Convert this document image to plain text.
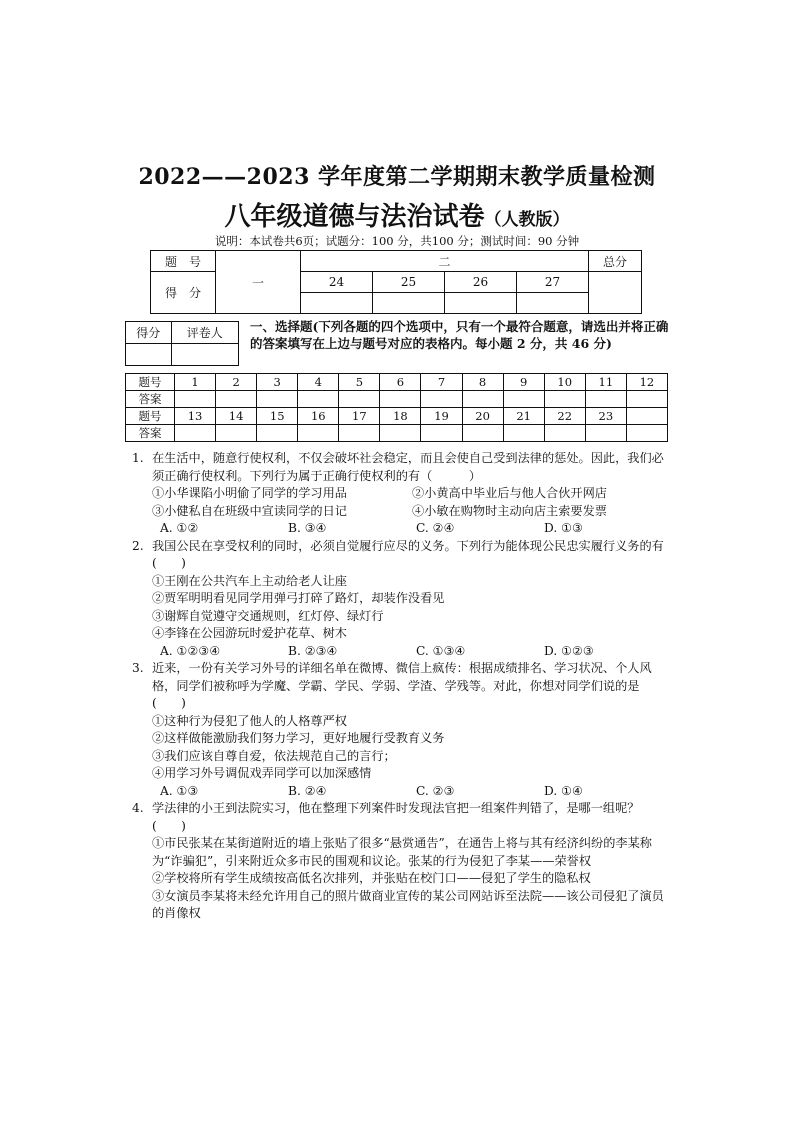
2022——2023 学年度第二学期期末教学质量检测
八年级道德与法治试卷（人教版）
说明：本试卷共6页；试题分：100 分，共100 分；测试时间：90 分钟
题　号	一	二				总分
得　分		24	25	26	27	

得分	评卷人
	一、选择题(下列各题的四个选项中，只有一个最符合题意，请选出并将正确的答案填写在上边与题号对应的表格内。每小题 2 分，共 46 分)
题号	1	2	3	4	5	6	7	8	9	10	11	12
答案												
题号	13	14	15	16	17	18	19	20	21	22	23	
答案												
1. 在生活中，随意行使权利，不仅会破坏社会稳定，而且会使自己受到法律的惩处。因此，我们必须正确行使权利。下列行为属于正确行使权利的有（　　　）
①小华课陷小明偷了同学的学习用品	②小黄高中毕业后与他人合伙开网店
③小健私自在班级中宣读同学的日记	④小敏在购物时主动向店主索要发票
A. ①②	B. ③④	C. ②④	D. ①③
2. 我国公民在享受权利的同时，必须自觉履行应尽的义务。下列行为能体现公民忠实履行义务的有(　　)
①王刚在公共汽车上主动给老人让座
②贾军明明看见同学用弹弓打碎了路灯，却装作没看见
③谢辉自觉遵守交通规则，红灯停、绿灯行
④李锋在公园游玩时爱护花草、树木
A. ①②③④	B. ②③④	C. ①③④	D. ①②③
3. 近来，一份有关学习外号的详细名单在微博、微信上疯传：根据成绩排名、学习状况、个人风格，同学们被称呼为学魔、学霸、学民、学弱、学渣、学残等。对此，你想对同学们说的是(　　)
①这种行为侵犯了他人的人格尊严权
②这样做能激励我们努力学习，更好地履行受教育义务
③我们应该自尊自爱，依法规范自己的言行；
④用学习外号调侃戏弄同学可以加深感情
A. ①③	B. ②④	C. ②③	D. ①④
4. 学法律的小王到法院实习，他在整理下列案件时发现法官把一组案件判错了，是哪一组呢？(　　)
①市民张某在某街道附近的墙上张贴了很多“悬赏通告”，在通告上将与其有经济纠纷的李某称为“诈骗犯”，引来附近众多市民的围观和议论。张某的行为侵犯了李某——荣誉权
②学校将所有学生成绩按高低名次排列，并张贴在校门口——侵犯了学生的隐私权
③女演员李某将未经允许用自己的照片做商业宣传的某公司网站诉至法院——该公司侵犯了演员的肖像权
